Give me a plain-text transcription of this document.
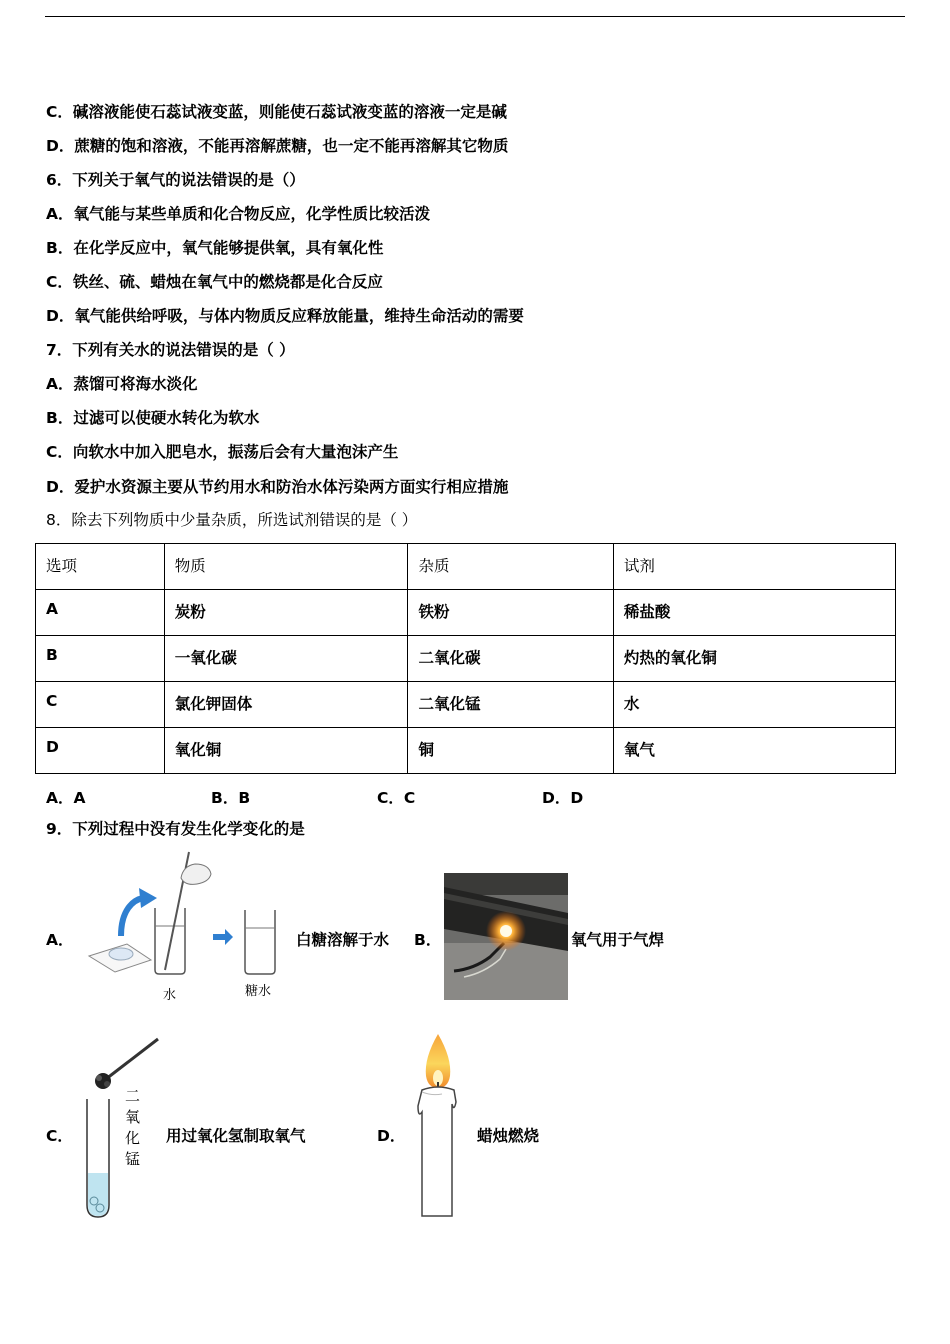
C．碱溶液能使石蕊试液变蓝，则能使石蕊试液变蓝的溶液一定是碱
D．蔗糖的饱和溶液，不能再溶解蔗糖，也一定不能再溶解其它物质
6．下列关于氧气的说法错误的是（）
A．氧气能与某些单质和化合物反应，化学性质比较活泼
B．在化学反应中，氧气能够提供氧，具有氧化性
C．铁丝、硫、蜡烛在氧气中的燃烧都是化合反应
D．氧气能供给呼吸，与体内物质反应释放能量，维持生命活动的需要
7．下列有关水的说法错误的是（ ）
A．蒸馏可将海水淡化
B．过滤可以使硬水转化为软水
C．向软水中加入肥皂水，振荡后会有大量泡沫产生
D．爱护水资源主要从节约用水和防治水体污染两方面实行相应措施
8．除去下列物质中少量杂质，所选试剂错误的是（ ）
选项	物质	杂质	试剂
A	炭粉	铁粉	稀盐酸
B	一氧化碳	二氧化碳	灼热的氧化铜
C	氯化钾固体	二氧化锰	水
D	氧化铜	铜	氧气
A．A	B．B	C．C	D．D
9．下列过程中没有发生化学变化的是
A．
水	糖水
白糖溶解于水 B．	氧气用于气焊
C．
二氧化锰
用过氧化氢制取氧气	D．	蜡烛燃烧
